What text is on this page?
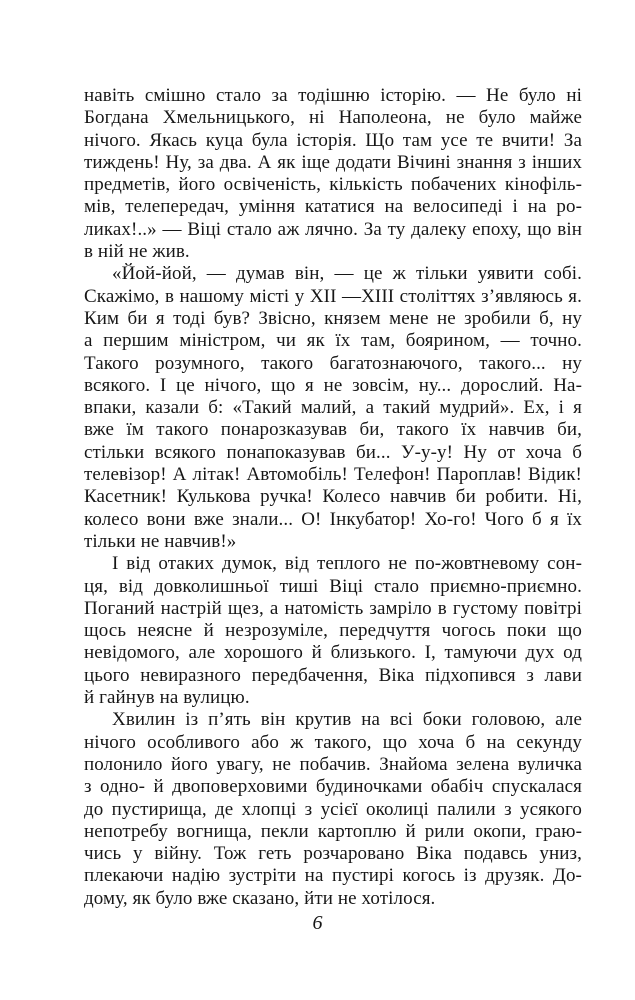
навіть смішно стало за тодішню історію. — Не було ні
Богдана Хмельницького, ні Наполеона, не було майже
нічого. Якась куца була історія. Що там усе те вчити! За
тиждень! Ну, за два. А як іще додати Вічині знання з інших
предметів, його освіченість, кількість побачених кінофіль-
мів, телепередач, уміння кататися на велосипеді і на ро-
ликах!..» — Віці стало аж лячно. За ту далеку епоху, що він
в ній не жив.
«Йой-йой, — думав він, — це ж тільки уявити собі.
Скажімо, в нашому місті у XII —XIII століттях з’являюсь я.
Ким би я тоді був? Звісно, князем мене не зробили б, ну
а першим міністром, чи як їх там, боярином, — точно.
Такого розумного, такого багатознаючого, такого... ну
всякого. І це нічого, що я не зовсім, ну... дорослий. На-
впаки, казали б: «Такий малий, а такий мудрий». Ех, і я
вже їм такого понарозказував би, такого їх навчив би,
стільки всякого понапоказував би... У-у-у! Ну от хоча б
телевізор! А літак! Автомобіль! Телефон! Пароплав! Відик!
Касетник! Кулькова ручка! Колесо навчив би робити. Ні,
колесо вони вже знали... О! Інкубатор! Хо-го! Чого б я їх
тільки не навчив!»
І від отаких думок, від теплого не по-жовтневому сон-
ця, від довколишньої тиші Віці стало приємно-приємно.
Поганий настрій щез, а натомість замріло в густому повітрі
щось неясне й незрозуміле, передчуття чогось поки що
невідомого, але хорошого й близького. І, тамуючи дух од
цього невиразного передбачення, Віка підхопився з лави
й гайнув на вулицю.
Хвилин із п’ять він крутив на всі боки головою, але
нічого особливого або ж такого, що хоча б на секунду
полонило його увагу, не побачив. Знайома зелена вуличка
з одно- й двоповерховими будиночками обабіч спускалася
до пустирища, де хлопці з усієї околиці палили з усякого
непотребу вогнища, пекли картоплю й рили окопи, граю-
чись у війну. Тож геть розчаровано Віка подавсь униз,
плекаючи надію зустріти на пустирі когось із друзяк. До-
дому, як було вже сказано, йти не хотілося.
6
